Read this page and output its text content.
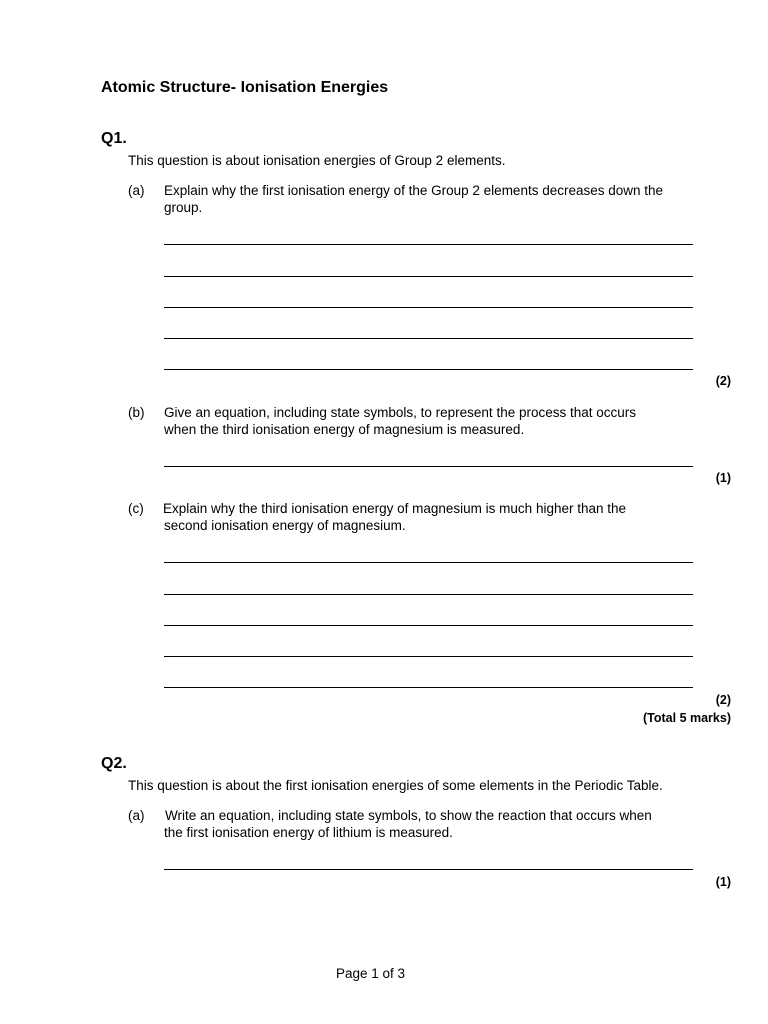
Atomic Structure- Ionisation Energies
Q1.
This question is about ionisation energies of Group 2 elements.
(a) Explain why the first ionisation energy of the Group 2 elements decreases down the
group.
(2)
(b) Give an equation, including state symbols, to represent the process that occurs
when the third ionisation energy of magnesium is measured.
(1)
(c) Explain why the third ionisation energy of magnesium is much higher than the
second ionisation energy of magnesium.
(2)
(Total 5 marks)
Q2.
This question is about the first ionisation energies of some elements in the Periodic Table.
(a) Write an equation, including state symbols, to show the reaction that occurs when
the first ionisation energy of lithium is measured.
(1)
Page 1 of 3
